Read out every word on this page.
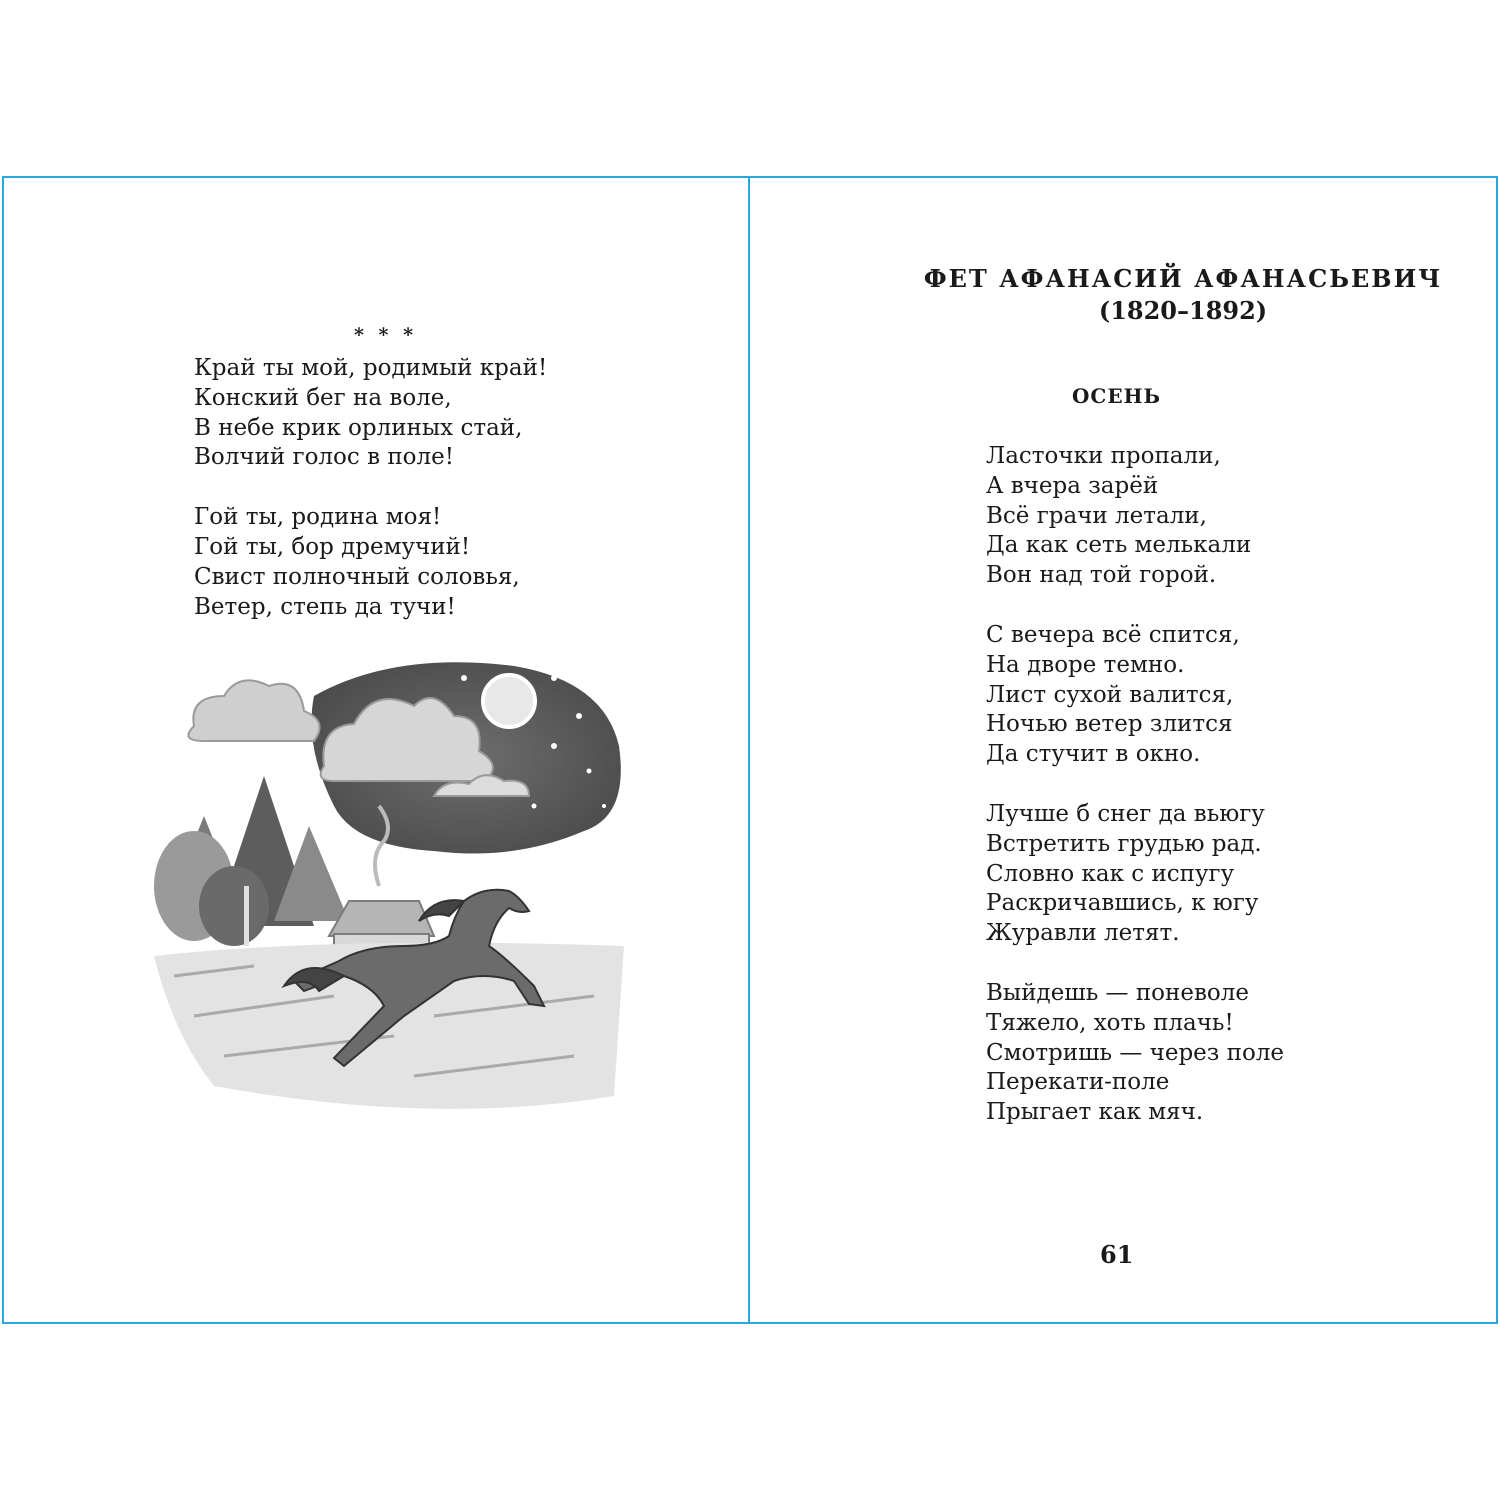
* * *
Край ты мой, родимый край!
Конский бег на воле,
В небе крик орлиных стай,
Волчий голос в поле!
Гой ты, родина моя!
Гой ты, бор дремучий!
Свист полночный соловья,
Ветер, степь да тучи!
ФЕТ АФАНАСИЙ АФАНАСЬЕВИЧ
(1820–1892)
ОСЕНЬ
Ласточки пропали,
А вчера зарёй
Всё грачи летали,
Да как сеть мелькали
Вон над той горой.
С вечера всё спится,
На дворе темно.
Лист сухой валится,
Ночью ветер злится
Да стучит в окно.
Лучше б снег да вьюгу
Встретить грудью рад.
Словно как с испугу
Раскричавшись, к югу
Журавли летят.
Выйдешь — поневоле
Тяжело, хоть плачь!
Смотришь — через поле
Перекати-поле
Прыгает как мяч.
61
